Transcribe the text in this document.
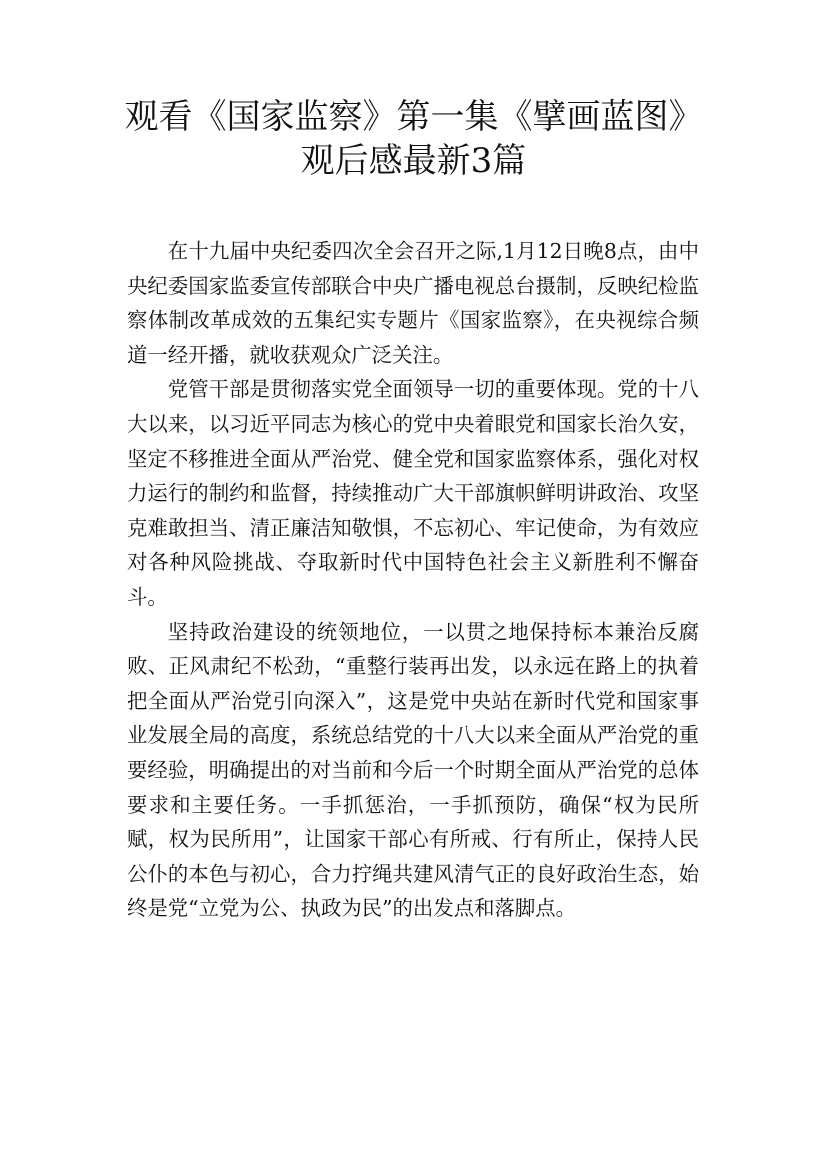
观看《国家监察》第一集《擘画蓝图》观后感最新3篇

在十九届中央纪委四次全会召开之际,1月12日晚8点，由中央纪委国家监委宣传部联合中央广播电视总台摄制，反映纪检监察体制改革成效的五集纪实专题片《国家监察》，在央视综合频道一经开播，就收获观众广泛关注。

党管干部是贯彻落实党全面领导一切的重要体现。党的十八大以来，以习近平同志为核心的党中央着眼党和国家长治久安，坚定不移推进全面从严治党、健全党和国家监察体系，强化对权力运行的制约和监督，持续推动广大干部旗帜鲜明讲政治、攻坚克难敢担当、清正廉洁知敬惧，不忘初心、牢记使命，为有效应对各种风险挑战、夺取新时代中国特色社会主义新胜利不懈奋斗。

坚持政治建设的统领地位，一以贯之地保持标本兼治反腐败、正风肃纪不松劲，“重整行装再出发，以永远在路上的执着把全面从严治党引向深入”，这是党中央站在新时代党和国家事业发展全局的高度，系统总结党的十八大以来全面从严治党的重要经验，明确提出的对当前和今后一个时期全面从严治党的总体要求和主要任务。一手抓惩治，一手抓预防，确保“权为民所赋，权为民所用”，让国家干部心有所戒、行有所止，保持人民公仆的本色与初心，合力拧绳共建风清气正的良好政治生态，始终是党“立党为公、执政为民”的出发点和落脚点。
